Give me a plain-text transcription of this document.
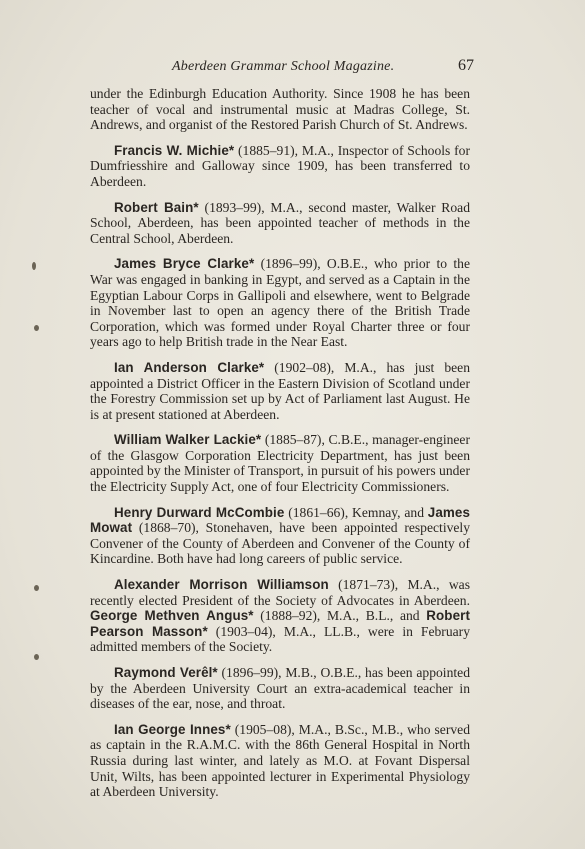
Aberdeen Grammar School Magazine.	67

under the Edinburgh Education Authority. Since 1908 he has been teacher of vocal and instrumental music at Madras College, St. Andrews, and organist of the Restored Parish Church of St. Andrews.

Francis W. Michie* (1885–91), M.A., Inspector of Schools for Dumfriesshire and Galloway since 1909, has been transferred to Aberdeen.

Robert Bain* (1893–99), M.A., second master, Walker Road School, Aberdeen, has been appointed teacher of methods in the Central School, Aberdeen.

James Bryce Clarke* (1896–99), O.B.E., who prior to the War was engaged in banking in Egypt, and served as a Captain in the Egyptian Labour Corps in Gallipoli and elsewhere, went to Belgrade in November last to open an agency there of the British Trade Corporation, which was formed under Royal Charter three or four years ago to help British trade in the Near East.

Ian Anderson Clarke* (1902–08), M.A., has just been appointed a District Officer in the Eastern Division of Scotland under the Forestry Commission set up by Act of Parliament last August. He is at present stationed at Aberdeen.

William Walker Lackie* (1885–87), C.B.E., manager-engineer of the Glasgow Corporation Electricity Department, has just been appointed by the Minister of Transport, in pursuit of his powers under the Electricity Supply Act, one of four Electricity Commissioners.

Henry Durward McCombie (1861–66), Kemnay, and James Mowat (1868–70), Stonehaven, have been appointed respectively Convener of the County of Aberdeen and Convener of the County of Kincardine. Both have had long careers of public service.

Alexander Morrison Williamson (1871–73), M.A., was recently elected President of the Society of Advocates in Aberdeen. George Methven Angus* (1888–92), M.A., B.L., and Robert Pearson Masson* (1903–04), M.A., LL.B., were in February admitted members of the Society.

Raymond Verêl* (1896–99), M.B., O.B.E., has been appointed by the Aberdeen University Court an extra-academical teacher in diseases of the ear, nose, and throat.

Ian George Innes* (1905–08), M.A., B.Sc., M.B., who served as captain in the R.A.M.C. with the 86th General Hospital in North Russia during last winter, and lately as M.O. at Fovant Dispersal Unit, Wilts, has been appointed lecturer in Experimental Physiology at Aberdeen University.
